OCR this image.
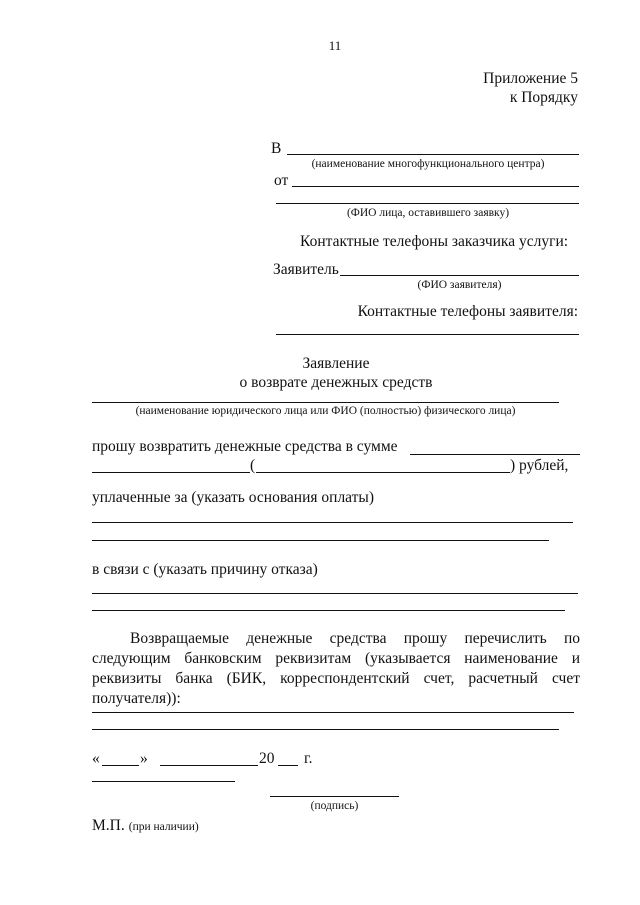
11
Приложение 5
к Порядку
В
(наименование многофункционального центра)
от
(ФИО лица, оставившего заявку)
Контактные телефоны заказчика услуги:
Заявитель
(ФИО заявителя)
Контактные телефоны заявителя:
Заявление
о возврате денежных средств
(наименование юридического лица или ФИО (полностью) физического лица)
прошу возвратить денежные средства в сумме
(	) рублей,
уплаченные за (указать основания оплаты)
в связи с (указать причину отказа)
Возвращаемые денежные средства прошу перечислить по
следующим банковским реквизитам (указывается наименование и
реквизиты банка (БИК, корреспондентский счет, расчетный счет
получателя)):
«	»	20 г.
(подпись)
М.П. (при наличии)
